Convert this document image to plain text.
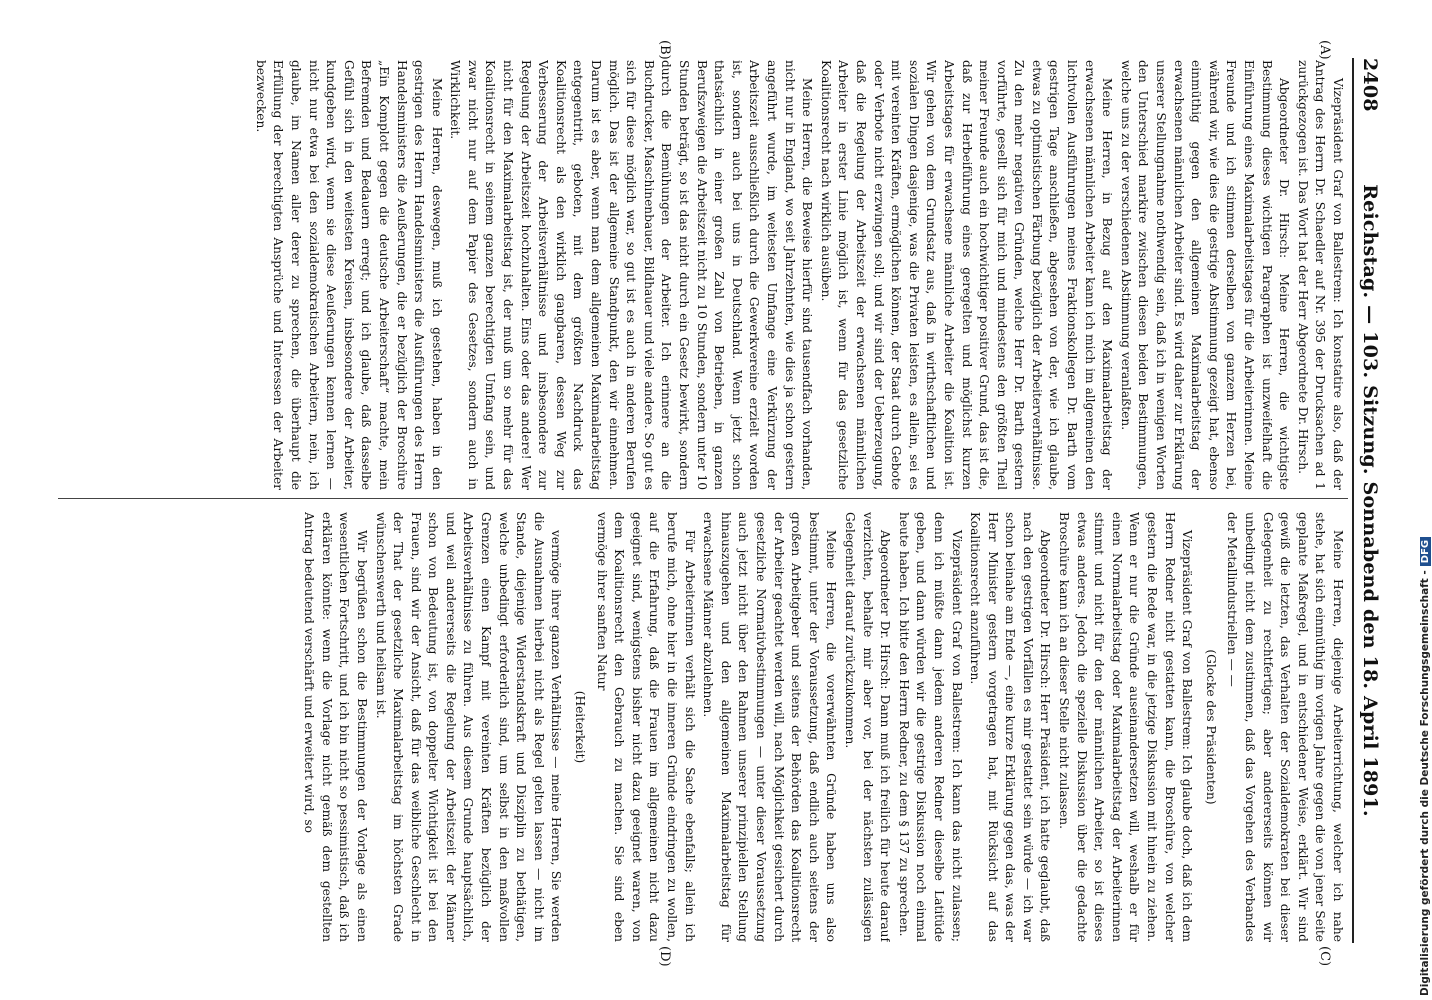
2408
Reichstag. — 103. Sitzung. Sonnabend den 18. April 1891.
(A)
(B)
(C)
(D)

Vizepräsident Graf von Ballestrem: Ich konstatire also, daß der Antrag des Herrn Dr. Schaedler auf Nr. 395 der Drucksachen ad 1 zurückgezogen ist. Das Wort hat der Herr Abgeordnete Dr. Hirsch.

Abgeordneter Dr. Hirsch: Meine Herren, die wichtigste Bestimmung dieses wichtigen Paragraphen ist unzweifelhaft die Einführung eines Maximalarbeitstages für die Arbeiterinnen. Meine Freunde und ich stimmen derselben von ganzem Herzen bei, während wir, wie dies die gestrige Abstimmung gezeigt hat, ebenso einmüthig gegen den allgemeinen Maximalarbeitstag der erwachsenen männlichen Arbeiter sind. Es wird daher zur Erklärung unserer Stellungnahme nothwendig sein, daß ich in wenigen Worten den Unterschied markire zwischen diesen beiden Bestimmungen, welche uns zu der verschiedenen Abstimmung veranlaßten.

Meine Herren, in Bezug auf den Maximalarbeitstag der erwachsenen männlichen Arbeiter kann ich mich im allgemeinen den lichtvollen Ausführungen meines Fraktionskollegen Dr. Barth vom gestrigen Tage anschließen, abgesehen von der, wie ich glaube, etwas zu optimistischen Färbung bezüglich der Arbeiterverhältnisse. Zu den mehr negativen Gründen, welche Herr Dr. Barth gestern vorführte, gesellt sich für mich und mindestens den größten Theil meiner Freunde auch ein hochwichtiger positiver Grund, das ist die, daß zur Herbeiführung eines geregelten und möglichst kurzen Arbeitstages für erwachsene männliche Arbeiter die Koalition ist. Wir gehen von dem Grundsatz aus, daß in wirthschaftlichen und sozialen Dingen dasjenige, was die Privaten leisten, es allein, sei es mit vereinten Kräften, ermöglichen können, der Staat durch Gebote oder Verbote nicht erzwingen soll; und wir sind der Ueberzeugung, daß die Regelung der Arbeitszeit der erwachsenen männlichen Arbeiter in erster Linie möglich ist, wenn für das gesetzliche Koalitionsrecht nach wirklich ausüben.

Meine Herren, die Beweise hierfür sind tausendfach vorhanden, nicht nur in England, wo seit Jahrzehnten, wie dies ja schon gestern angeführt wurde, im weitesten Umfange eine Verkürzung der Arbeitszeit ausschließlich durch die Gewerkvereine erzielt worden ist, sondern auch bei uns in Deutschland. Wenn jetzt schon thatsächlich in einer großen Zahl von Betrieben, in ganzen Berufszweigen die Arbeitszeit nicht zu 10 Stunden, sondern unter 10 Stunden beträgt, so ist das nicht durch ein Gesetz bewirkt, sondern durch die Bemühungen der Arbeiter. Ich erinnere an die Buchdrucker, Maschinenbauer, Bildhauer und viele andere. So gut es sich für diese möglich war, so gut ist es auch in anderen Berufen möglich. Das ist der allgemeine Standpunkt, den wir einnehmen. Darum ist es aber, wenn man dem allgemeinen Maximalarbeitstag entgegentritt, geboten, mit dem größten Nachdruck das Koalitionsrecht als den wirklich gangbaren, dessen Weg zur Verbesserung der Arbeitsverhältnisse und insbesondere zur Regelung der Arbeitszeit hochzuhalten. Eins oder das andere! Wer nicht für den Maximalarbeitstag ist, der muß um so mehr für das Koalitionsrecht in seinem ganzen berechtigten Umfang sein, und zwar nicht nur auf dem Papier des Gesetzes, sondern auch in Wirklichkeit.

Meine Herren, deswegen, muß ich gestehen, haben in den gestrigen des Herrn Handelsministers die Ausführungen des Herrn Handelsministers die Aeußerungen, die er bezüglich der Broschüre „Ein Komplott gegen die deutsche Arbeiterschaft“ machte, mein Befremden und Bedauern erregt; und ich glaube, daß dasselbe Gefühl sich in den weitesten Kreisen, insbesondere der Arbeiter, kundgeben wird, wenn sie diese Aeußerungen kennen lernen — nicht nur etwa bei den sozialdemokratischen Arbeitern, nein, ich glaube, im Namen aller derer zu sprechen, die überhaupt die Erfüllung der berechtigten Ansprüche und Interessen der Arbeiter bezwecken.

Meine Herren, diejenige Arbeiterrichtung, welcher ich nahe stehe, hat sich einmüthig im vorigen Jahre gegen die von jener Seite geplante Maßregel, und in entschiedener Weise, erklärt. Wir sind gewiß die letzten, das Verhalten der Sozialdemokraten bei dieser Gelegenheit zu rechtfertigen; aber andererseits können wir unbedingt nicht dem zustimmen, daß das Vorgehen des Verbandes der Metallindustriellen — —

(Glocke des Präsidenten)

Vizepräsident Graf von Ballestrem: Ich glaube doch, daß ich dem Herrn Redner nicht gestatten kann, die Broschüre, von welcher gestern die Rede war, in die jetzige Diskussion mit hinein zu ziehen. Wenn er nur die Gründe auseinandersetzen will, weshalb er für einen Normalarbeitstag oder Maximalarbeitstag der Arbeiterinnen stimmt und nicht für den der männlichen Arbeiter, so ist dieses etwas anderes. Jedoch die spezielle Diskussion über die gedachte Broschüre kann ich an dieser Stelle nicht zulassen.

Abgeordneter Dr. Hirsch: Herr Präsident, ich hatte geglaubt, daß nach den gestrigen Vorfällen es mir gestattet sein würde — ich war schon beinahe am Ende —, eine kurze Erklärung gegen das, was der Herr Minister gestern vorgetragen hat, mit Rücksicht auf das Koalitionsrecht anzuführen.

Vizepräsident Graf von Ballestrem: Ich kann das nicht zulassen; denn ich müßte dann jedem anderen Redner dieselbe Latitüde geben, und dann würden wir die gestrige Diskussion noch einmal heute haben. Ich bitte den Herrn Redner, zu dem § 137 zu sprechen.

Abgeordneter Dr. Hirsch: Dann muß ich freilich für heute darauf verzichten, behalte mir aber vor, bei der nächsten zulässigen Gelegenheit darauf zurückzukommen.

Meine Herren, die vorerwähnten Gründe haben uns also bestimmt, unter der Voraussetzung, daß endlich auch seitens der großen Arbeitgeber und seitens der Behörden das Koalitionsrecht der Arbeiter geachtet werden will, nach Möglichkeit gesichert durch gesetzliche Normativbestimmungen — unter dieser Voraussetzung auch jetzt nicht über den Rahmen unserer prinzipiellen Stellung hinauszugehen und den allgemeinen Maximalarbeitstag für erwachsene Männer abzulehnen.

Für Arbeiterinnen verhält sich die Sache ebenfalls; allein ich berufe mich, ohne hier in die inneren Gründe eindringen zu wollen, auf die Erfahrung, daß die Frauen im allgemeinen nicht dazu geeignet sind, wenigstens bisher nicht dazu geeignet waren, von dem Koalitionsrecht den Gebrauch zu machen. Sie sind eben vermöge ihrer sanften Natur

(Heiterkeit)

vermöge ihrer ganzen Verhältnisse — meine Herren, Sie werden die Ausnahmen hierbei nicht als Regel gelten lassen — nicht im Stande, diejenige Widerstandskraft und Disziplin zu bethätigen, welche unbedingt erforderlich sind, um selbst in den maßvollen Grenzen einen Kampf mit vereinten Kräften bezüglich der Arbeitsverhältnisse zu führen. Aus diesem Grunde hauptsächlich, und weil andererseits die Regelung der Arbeitszeit der Männer schon von Bedeutung ist, von doppelter Wichtigkeit ist bei den Frauen, sind wir der Ansicht, daß für das weibliche Geschlecht in der That der gesetzliche Maximalarbeitstag im höchsten Grade wünschenswerth und heilsam ist.

Wir begrüßen schon die Bestimmungen der Vorlage als einen wesentlichen Fortschritt, und ich bin nicht so pessimistisch, daß ich erklären könnte: wenn die Vorlage nicht gemäß dem gestellten Antrag bedeutend verschärft und erweitert wird, so	Digitalisierung gefördert durch die Deutsche Forschungsgemeinschaft -DFG
